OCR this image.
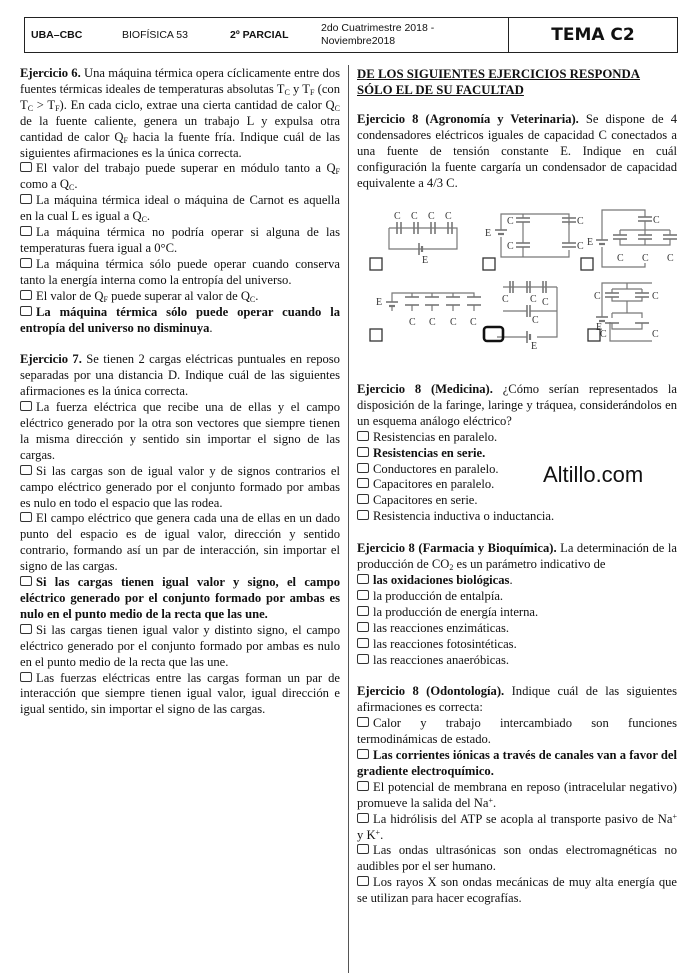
UBA–CBC	BIOFÍSICA 53	2º PARCIAL
2do Cuatrimestre 2018 -
Noviembre2018	TEMA C2

Ejercicio 6. Una máquina térmica opera cíclicamente entre dos fuentes térmicas ideales de temperaturas absolutas $T_C$ y $T_F$ (con $T_C > T_F$). En cada ciclo, extrae una cierta cantidad de calor $Q_C$ de la fuente caliente, genera un trabajo L y expulsa otra cantidad de calor $Q_F$ hacia la fuente fría. Indique cuál de las siguientes afirmaciones es la única correcta.

El valor del trabajo puede superar en módulo tanto a $Q_F$ como a $Q_C$.

La máquina térmica ideal o máquina de Carnot es aquella en la cual L es igual a $Q_C$.

La máquina térmica no podría operar si alguna de las temperaturas fuera igual a 0°C.

La máquina térmica sólo puede operar cuando conserva tanto la energía interna como la entropía del universo.

El valor de $Q_F$ puede superar al valor de $Q_C$.

La máquina térmica sólo puede operar cuando la entropía del universo no disminuya.

Ejercicio 7. Se tienen 2 cargas eléctricas puntuales en reposo separadas por una distancia D. Indique cuál de las siguientes afirmaciones es la única correcta.

La fuerza eléctrica que recibe una de ellas y el campo eléctrico generado por la otra son vectores que siempre tienen la misma dirección y sentido sin importar el signo de las cargas.

Si las cargas son de igual valor y de signos contrarios el campo eléctrico generado por el conjunto formado por ambas es nulo en todo el espacio que las rodea.

El campo eléctrico que genera cada una de ellas en un dado punto del espacio es de igual valor, dirección y sentido contrario, formando así un par de interacción, sin importar el signo de las cargas.

Si las cargas tienen igual valor y signo, el campo eléctrico generado por el conjunto formado por ambas es nulo en el punto medio de la recta que las une.

Si las cargas tienen igual valor y distinto signo, el campo eléctrico generado por el conjunto formado por ambas es nulo en el punto medio de la recta que las une.

Las fuerzas eléctricas entre las cargas forman un par de interacción que siempre tienen igual valor, igual dirección e igual sentido, sin importar el signo de las cargas.

DE LOS SIGUIENTES EJERCICIOS RESPONDA SÓLO EL DE SU FACULTAD

Ejercicio 8 (Agronomía y Veterinaria). Se dispone de 4 condensadores eléctricos iguales de capacidad C conectados a una fuente de tensión constante E. Indique en cuál configuración la fuente cargaría un condensador de capacidad equivalente a 4/3 C.

C C C C
E
E
C
C
C
C E
C
C C C
E
C C C C
C C C
C
E
C	C
E
C	C

Ejercicio 8 (Medicina). ¿Cómo serían representados la disposición de la faringe, laringe y tráquea, considerándolos en un esquema análogo eléctrico?

Resistencias en paralelo.

Resistencias en serie.

Conductores en paralelo.

Capacitores en paralelo.

Capacitores en serie.

Resistencia inductiva o inductancia.

Ejercicio 8 (Farmacia y Bioquímica). La determinación de la producción de $CO_2$ es un parámetro indicativo de

las oxidaciones biológicas.

la producción de entalpía.

la producción de energía interna.

las reacciones enzimáticas.

las reacciones fotosintéticas.

las reacciones anaeróbicas.

Ejercicio 8 (Odontología). Indique cuál de las siguientes afirmaciones es correcta:

Calor y trabajo intercambiado son funciones termodinámicas de estado.

Las corrientes iónicas a través de canales van a favor del gradiente electroquímico.

El potencial de membrana en reposo (intracelular negativo) promueve la salida del Na+.

La hidrólisis del ATP se acopla al transporte pasivo de Na+ y K+.

Las ondas ultrasónicas son ondas electromagnéticas no audibles por el ser humano.

Los rayos X son ondas mecánicas de muy alta energía que se utilizan para hacer ecografías.

Altillo.com
